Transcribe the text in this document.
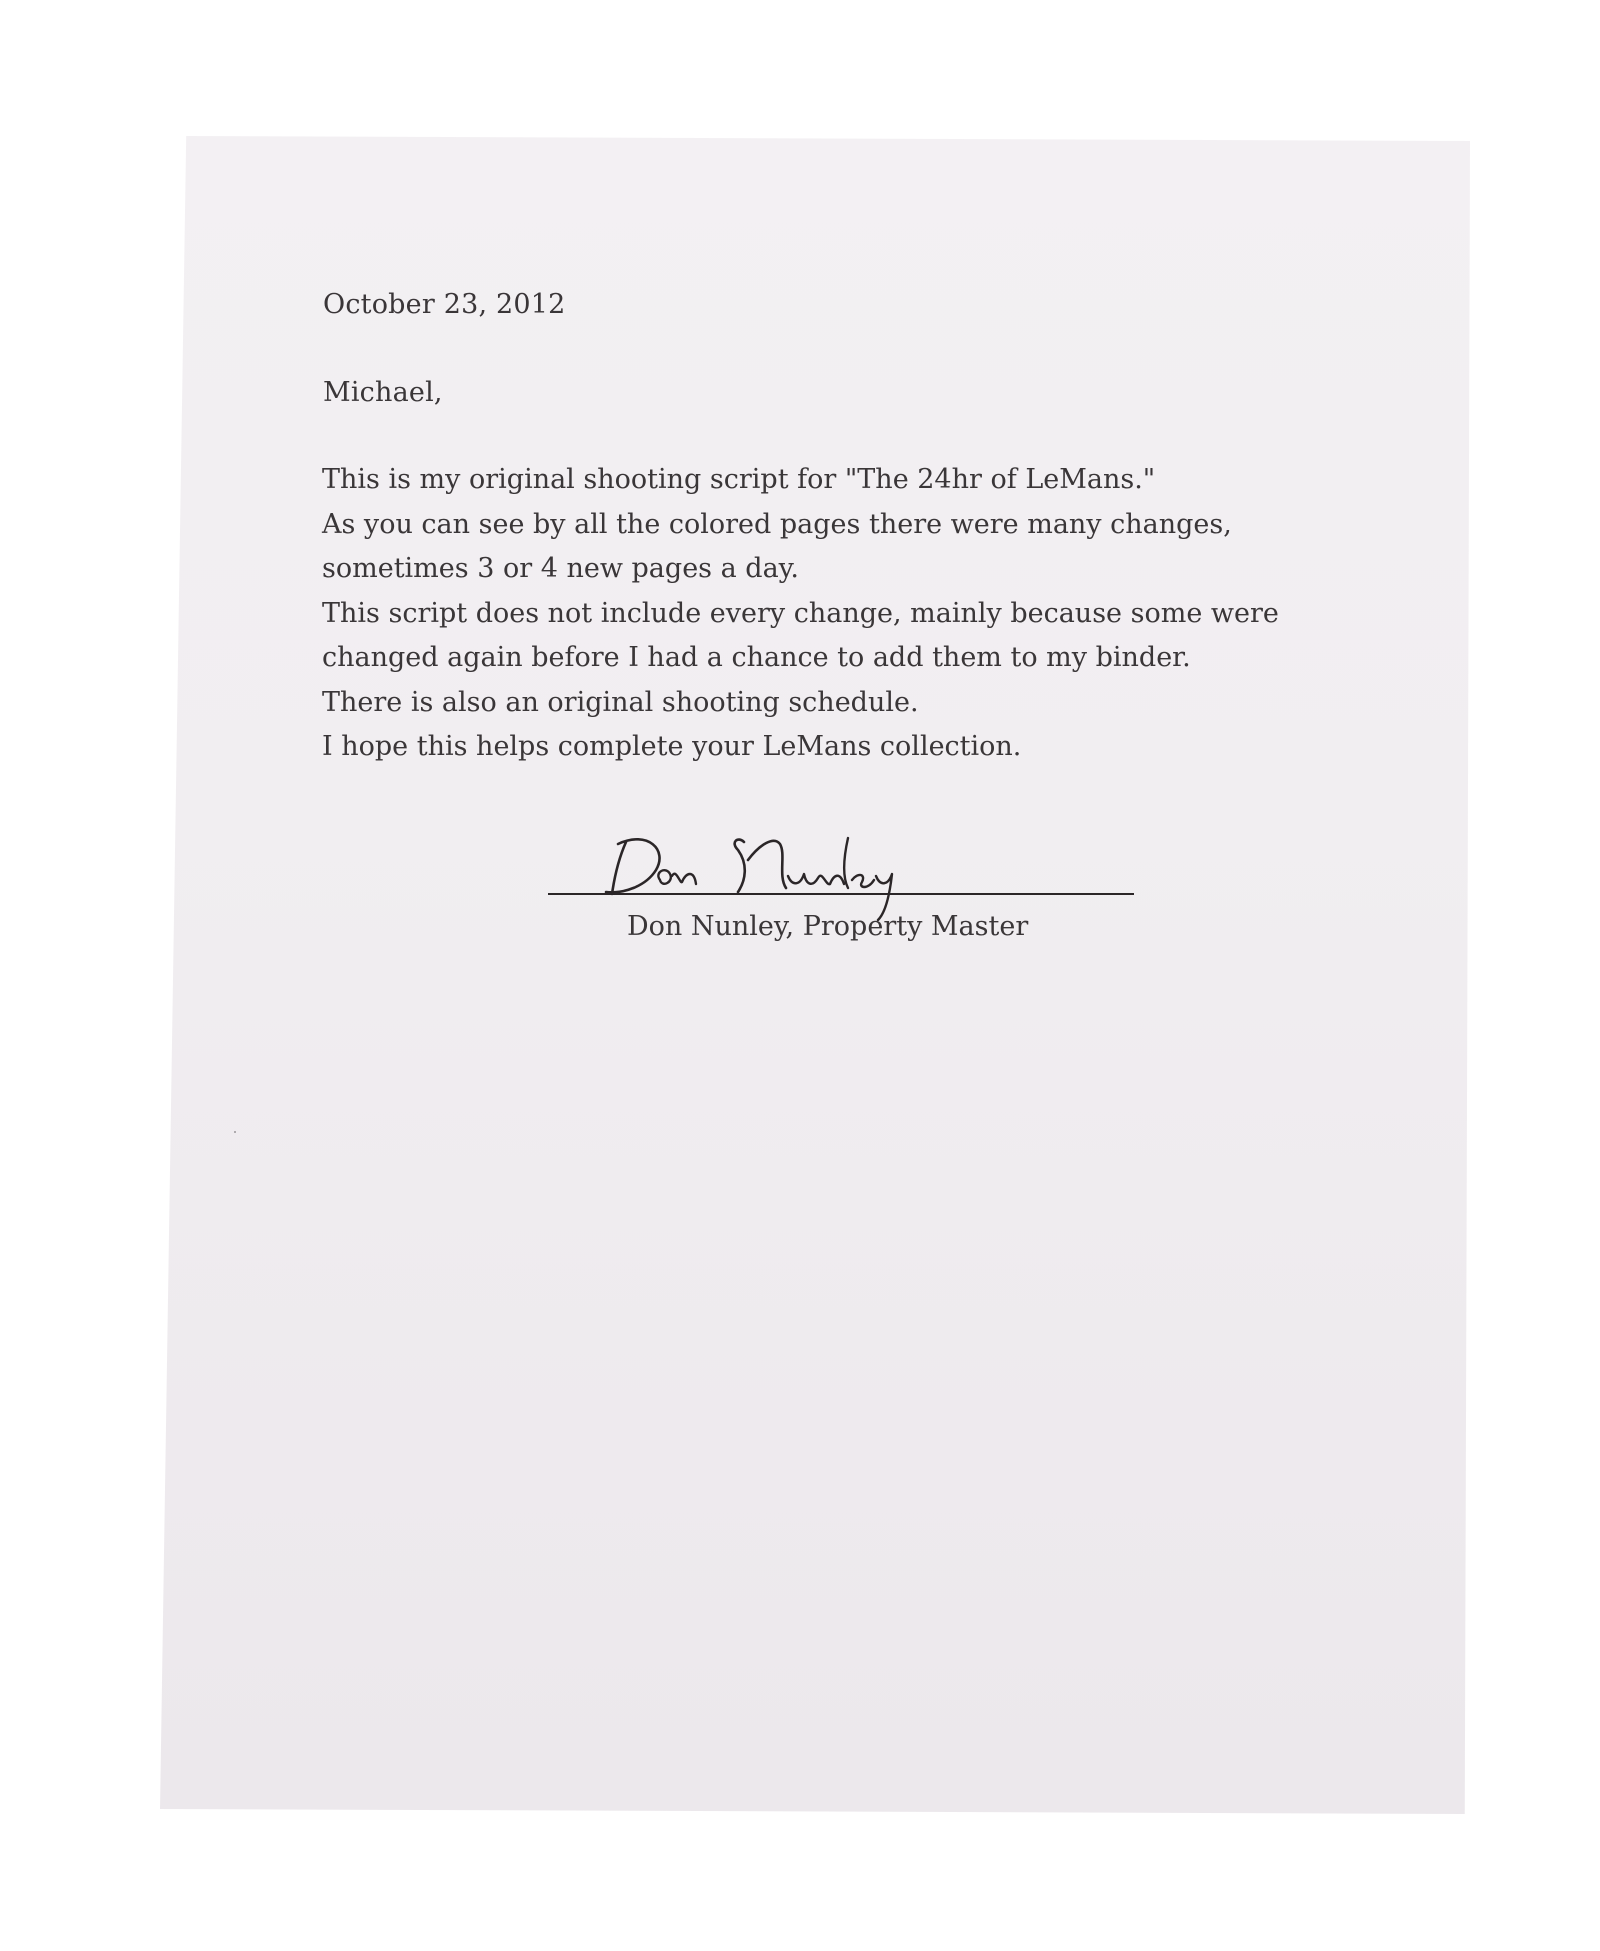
October 23, 2012
Michael,
This is my original shooting script for "The 24hr of LeMans."
As you can see by all the colored pages there were many changes,
sometimes 3 or 4 new pages a day.
This script does not include every change, mainly because some were
changed again before I had a chance to add them to my binder.
There is also an original shooting schedule.
I hope this helps complete your LeMans collection.
Don Nunley, Property Master
